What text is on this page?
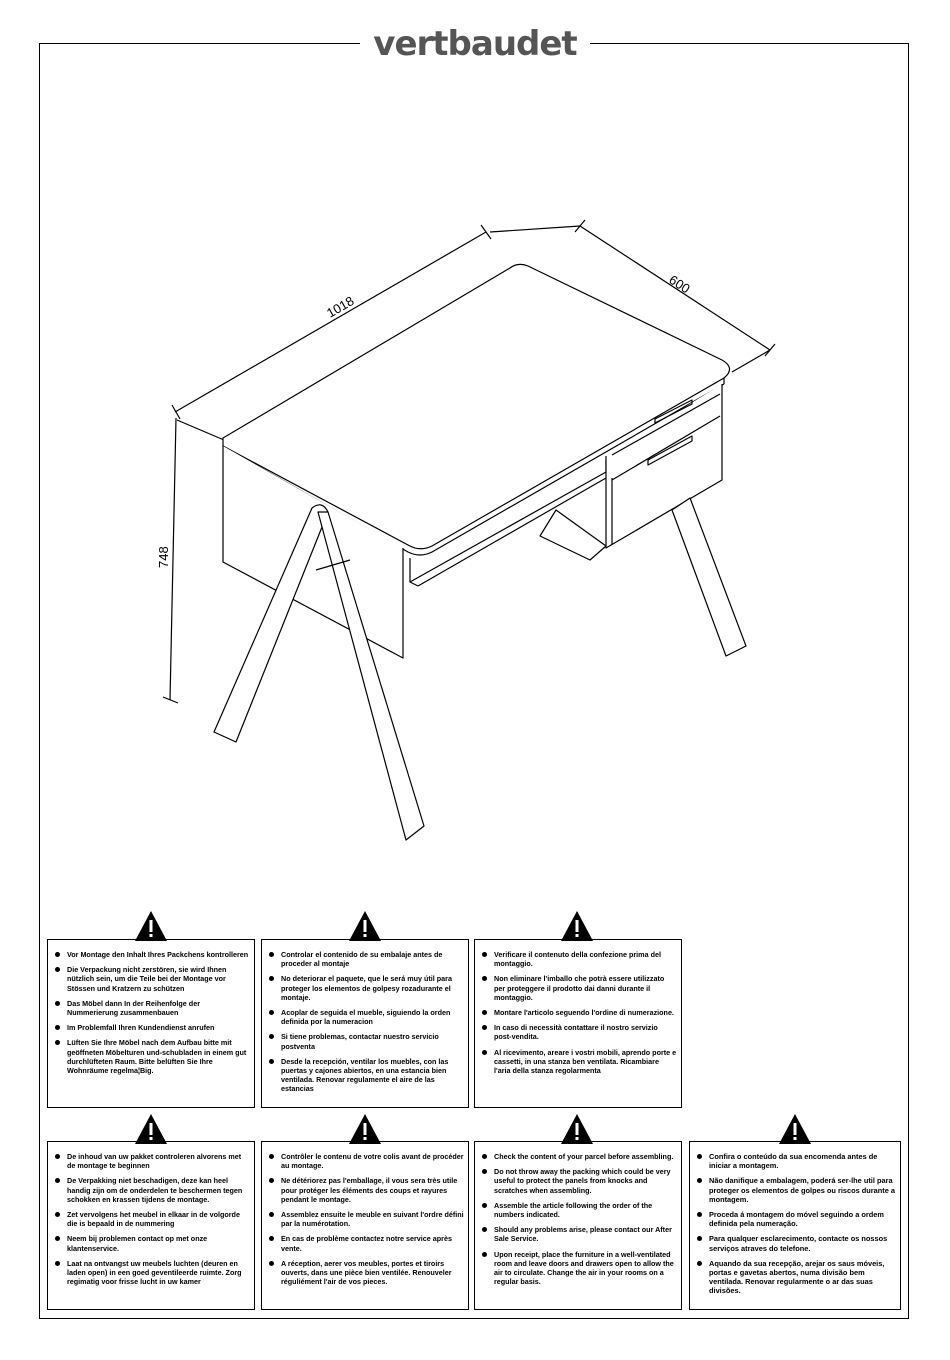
1018
600
748
vertbaudet
Vor Montage den Inhalt Ihres Packchens kontrolleren
Die Verpackung nicht zerstören, sie wird Ihnen nützlich sein, um die Teile bei der Montage vor Stössen und Kratzern zu schützen
Das Möbel dann In der Reihenfolge der Nummerierung zusammenbauen
Im Problemfall Ihren Kundendienst anrufen
Lüften Sie Ihre Möbel nach dem Aufbau bitte mit geöffneten Möbelturen und-schubladen in einem gut durchlüfteten Raum. Bitte belüften Sie Ihre Wohnräume regelma¦Big.
Controlar el contenido de su embalaje antes de proceder al montaje
No deteriorar el paquete, que le será muy útil para proteger los elementos de golpesy rozadurante el montaje.
Acoplar de seguida el mueble, siguiendo la orden definida por la numeracion
Si tiene problemas, contactar nuestro servicio postventa
Desde la recepción, ventilar los muebles, con las puertas y cajones abiertos, en una estancia bien ventilada. Renovar regulamente el aire de las estancias
Verificare il contenuto della confezione prima del montaggio.
Non eliminare l'imballo che potrà essere utilizzato per proteggere il prodotto dai danni durante il montaggio.
Montare l'articolo seguendo l'ordine di numerazione.
In caso di necessità contattare il nostro servizio post-vendita.
Al ricevimento, areare i vostri mobili, aprendo porte e cassetti, in una stanza ben ventilata. Ricambiare l'aria della stanza regolarmenta
De inhoud van uw pakket controleren alvorens met de montage te beginnen
De Verpakking niet beschadigen, deze kan heel handig zijn om de onderdelen te beschermen tegen schokken en krassen tijdens de montage.
Zet vervolgens het meubel in elkaar in de volgorde die is bepaald in de nummering
Neem bij problemen contact op met onze klantenservice.
Laat na ontvangst uw meubels luchten (deuren en laden open) in een goed geventileerde ruimte. Zorg regimatig voor frisse lucht in uw kamer
Contrôler le contenu de votre colis avant de procéder au montage.
Ne détériorez pas l'emballage, il vous sera très utile pour protéger les éléments des coups et rayures pendant le montage.
Assemblez ensuite le meuble en suivant l'ordre défini par la numérotation.
En cas de problème contactez notre service après vente.
A réception, aerer vos meubles, portes et tiroirs ouverts, dans une pièce bien ventilée. Renouveler réguliément l'air de vos pieces.
Check the content of your parcel before assembling.
Do not throw away the packing which could be very useful to protect the panels from knocks and scratches when assembling.
Assemble the article following the order of the numbers indicated.
Should any problems arise, please contact our After Sale Service.
Upon receipt, place the furniture in a well-ventilated room and leave doors and drawers open to allow the air to circulate. Change the air in your rooms on a regular basis.
Confira o conteúdo da sua encomenda antes de iniciar a montagem.
Não danifique a embalagem, poderá ser-lhe util para proteger os elementos de golpes ou riscos durante a montagem.
Proceda á montagem do móvel seguindo a ordem definida pela numeração.
Para qualquer esclarecimento, contacte os nossos serviços atraves do telefone.
Aquando da sua recepção, arejar os saus móveis, portas e gavetas abertos, numa divisão bem ventilada. Renovar regularmente o ar das suas divisões.
